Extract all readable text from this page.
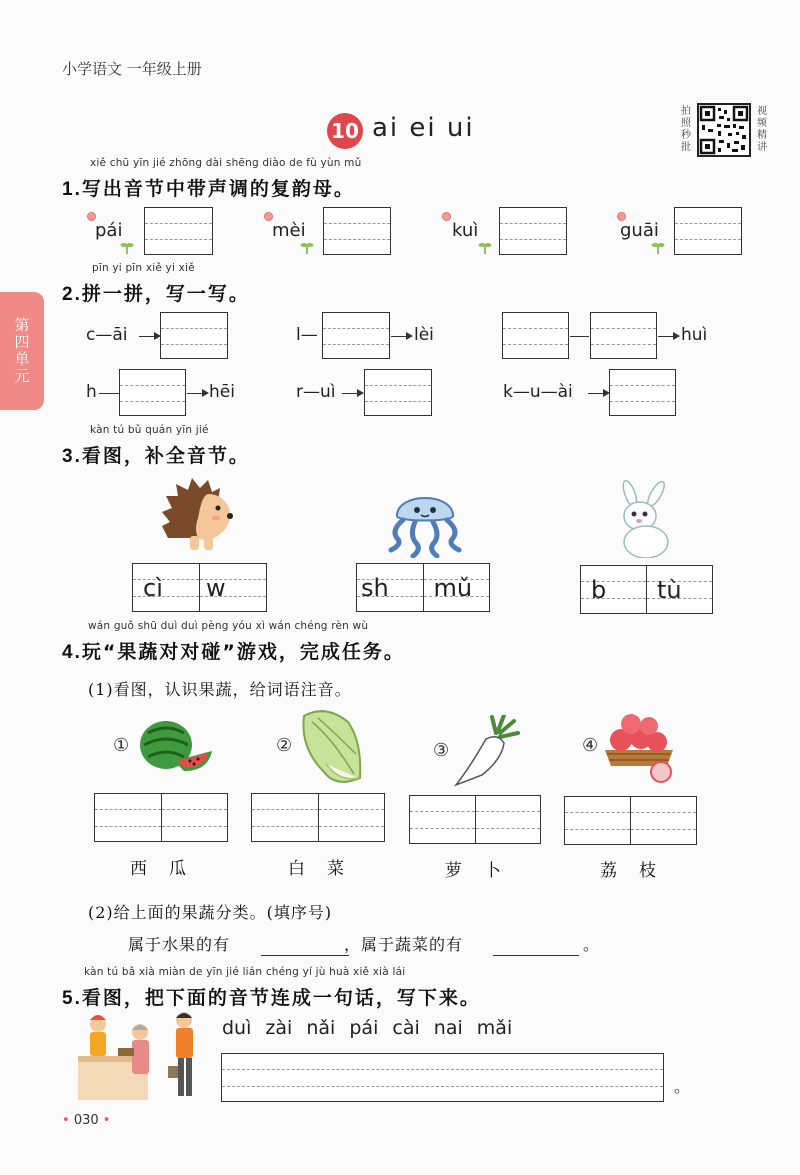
小学语文 一年级上册
10 ai ei ui
拍照秒批
视频精讲
第四单元
xiě chū yīn jié zhōng dài shēng diào de fù yùn mǔ
1.写出音节中带声调的复韵母。
pái	mèi	kuì	guāi
pīn yi pīn xiě yi xiě
2.拼一拼，写一写。
c—āi	l—	lèi	huì
h	hēi	r—uì	k—u—ài
kàn tú bǔ quán yīn jié
3.看图，补全音节。
cì w	sh mǔ	b tù
wán guǒ shū duì duì pèng yóu xì wán chéng rèn wù
4.玩“果蔬对对碰”游戏，完成任务。
(1)看图，认识果蔬，给词语注音。
①	②	③	④
西瓜	白菜	萝卜	荔枝
(2)给上面的果蔬分类。(填序号)
属于水果的有	，属于蔬菜的有	。
kàn tú bǎ xià miàn de yīn jié lián chéng yí jù huà xiě xià lái
5.看图，把下面的音节连成一句话，写下来。
duì zài nǎi pái cài nai mǎi
。
• 030 •
